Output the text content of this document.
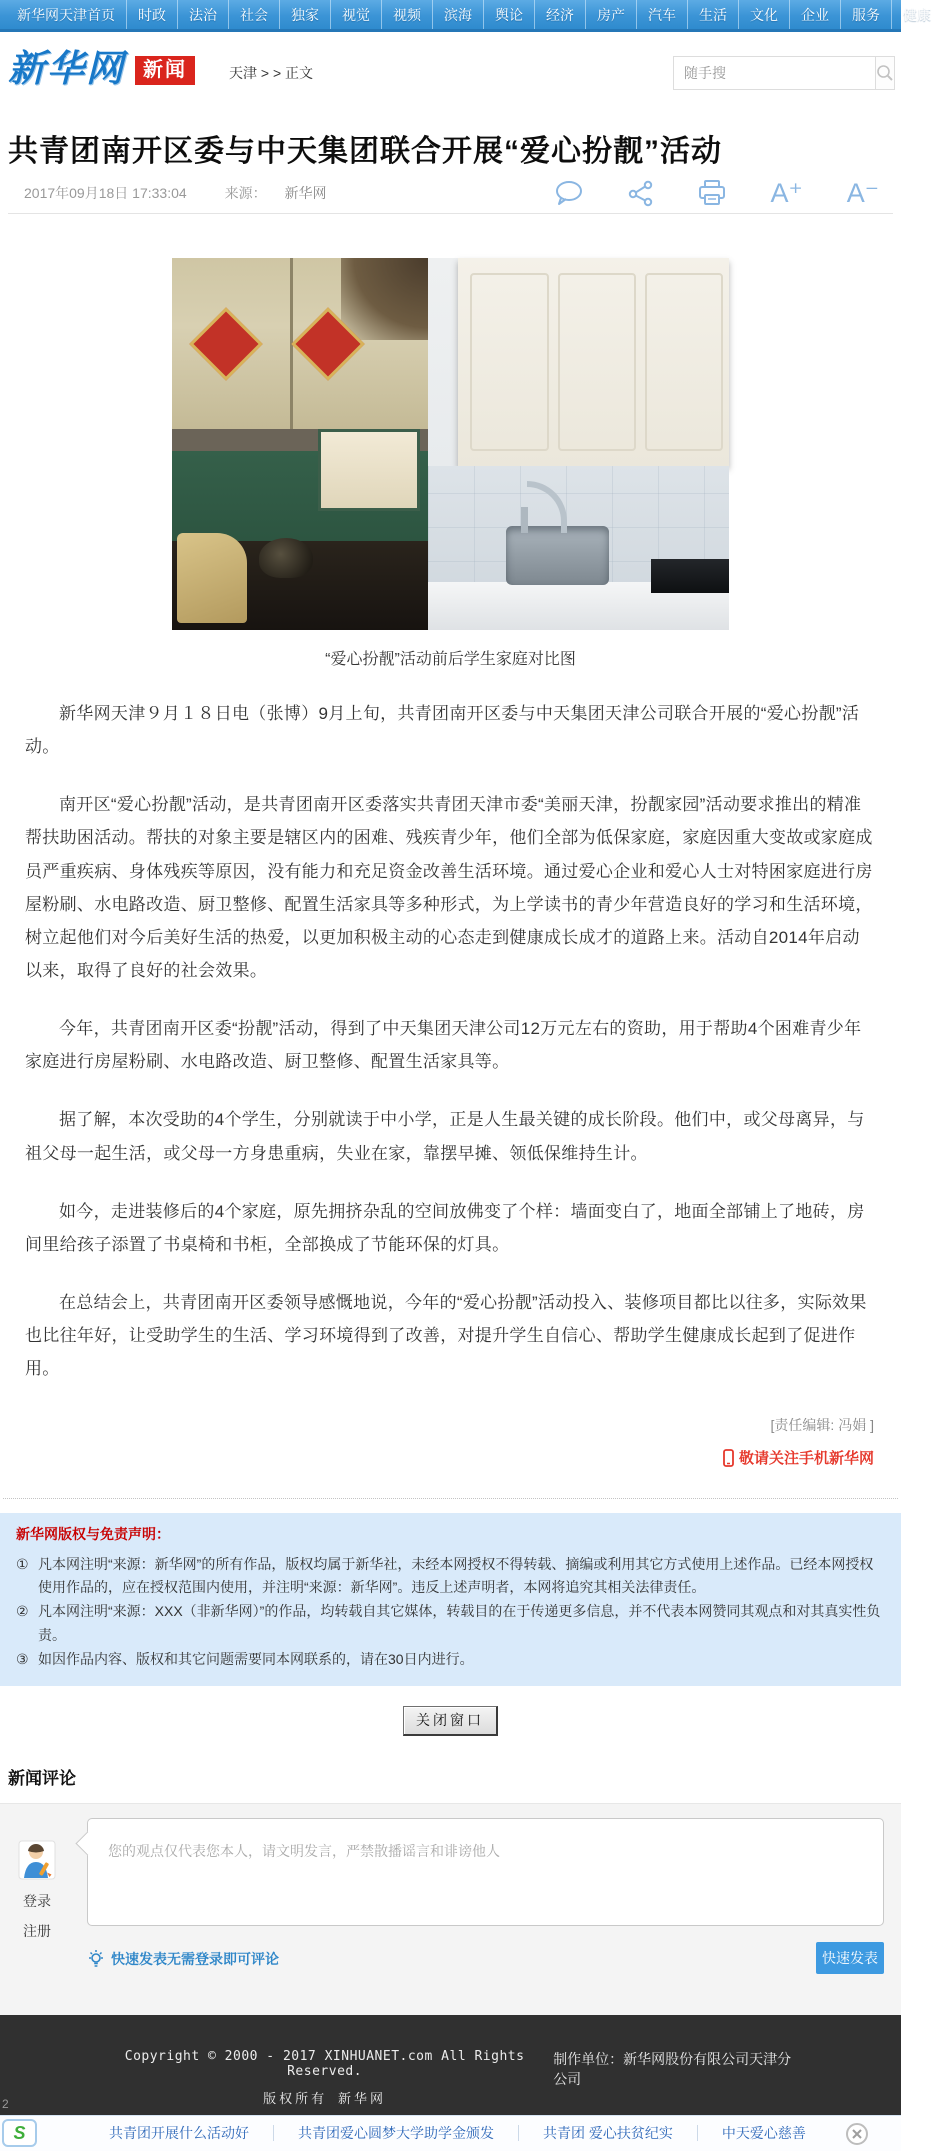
新华网天津首页	时政	法治	社会	独家	视觉	视频	滨海	舆论	经济	房产	汽车	生活	文化	企业	服务	健康
新华网 新闻	天津 > > 正文
随手搜
共青团南开区委与中天集团联合开展“爱心扮靓”活动
2017年09月18日 17:33:04	来源： 新华网	A⁺ A⁻
“爱心扮靓”活动前后学生家庭对比图

新华网天津９月１８日电（张博）9月上旬，共青团南开区委与中天集团天津公司联合开展的“爱心扮靓”活动。

南开区“爱心扮靓”活动，是共青团南开区委落实共青团天津市委“美丽天津，扮靓家园”活动要求推出的精准帮扶助困活动。帮扶的对象主要是辖区内的困难、残疾青少年，他们全部为低保家庭，家庭因重大变故或家庭成员严重疾病、身体残疾等原因，没有能力和充足资金改善生活环境。通过爱心企业和爱心人士对特困家庭进行房屋粉刷、水电路改造、厨卫整修、配置生活家具等多种形式，为上学读书的青少年营造良好的学习和生活环境，树立起他们对今后美好生活的热爱，以更加积极主动的心态走到健康成长成才的道路上来。活动自2014年启动以来，取得了良好的社会效果。

今年，共青团南开区委“扮靓”活动，得到了中天集团天津公司12万元左右的资助，用于帮助4个困难青少年家庭进行房屋粉刷、水电路改造、厨卫整修、配置生活家具等。

据了解，本次受助的4个学生，分别就读于中小学，正是人生最关键的成长阶段。他们中，或父母离异，与祖父母一起生活，或父母一方身患重病，失业在家，靠摆早摊、领低保维持生计。

如今，走进装修后的4个家庭，原先拥挤杂乱的空间放佛变了个样：墙面变白了，地面全部铺上了地砖，房间里给孩子添置了书桌椅和书柜，全部换成了节能环保的灯具。

在总结会上，共青团南开区委领导感慨地说，今年的“爱心扮靓”活动投入、装修项目都比以往多，实际效果也比往年好，让受助学生的生活、学习环境得到了改善，对提升学生自信心、帮助学生健康成长起到了促进作用。

[责任编辑: 冯娟 ]
敬请关注手机新华网
新华网版权与免责声明：
① 凡本网注明“来源：新华网”的所有作品，版权均属于新华社，未经本网授权不得转载、摘编或利用其它方式使用上述作品。已经本网授权使用作品的，应在授权范围内使用，并注明“来源：新华网”。违反上述声明者，本网将追究其相关法律责任。
② 凡本网注明“来源：XXX（非新华网）”的作品，均转载自其它媒体，转载目的在于传递更多信息，并不代表本网赞同其观点和对其真实性负责。
③ 如因作品内容、版权和其它问题需要同本网联系的，请在30日内进行。
关闭窗口
新闻评论
登录
注册
您的观点仅代表您本人，请文明发言，严禁散播谣言和诽谤他人
快速发表无需登录即可评论	快速发表
Copyright © 2000 - 2017 XINHUANET.com All Rights Reserved.
版权所有 新华网
制作单位：新华网股份有限公司天津分公司
2
S	共青团开展什么活动好	共青团爱心圆梦大学助学金颁发	共青团 爱心扶贫纪实	中天爱心慈善
